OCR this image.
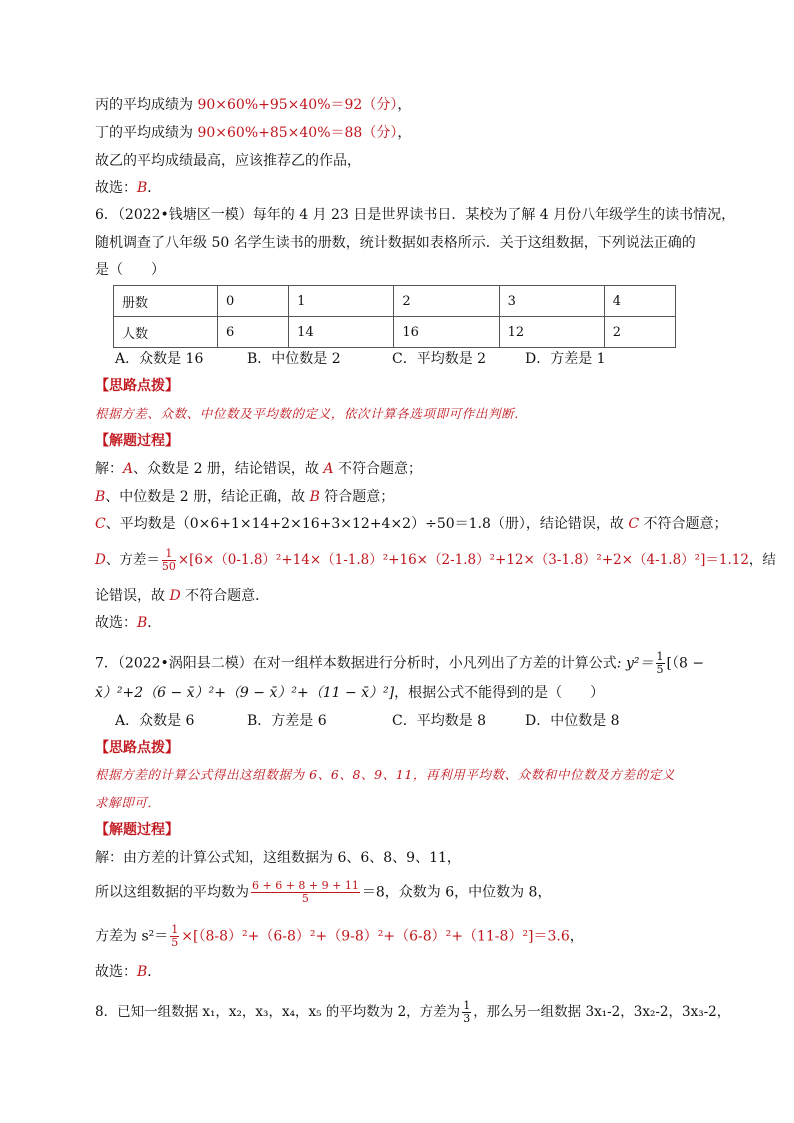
丙的平均成绩为 90×60%+95×40%＝92（分），
丁的平均成绩为 90×60%+85×40%＝88（分），
故乙的平均成绩最高，应该推荐乙的作品，
故选：B．
6．（2022•钱塘区一模）每年的 4 月 23 日是世界读书日．某校为了解 4 月份八年级学生的读书情况，
随机调查了八年级 50 名学生读书的册数，统计数据如表格所示．关于这组数据，下列说法正确的
是（　　）
册数	0	1	2	3	4
人数	6	14	16	12	2
A．众数是 16	B．中位数是 2	C．平均数是 2	D．方差是 1
【思路点拨】
根据方差、众数、中位数及平均数的定义，依次计算各选项即可作出判断．
【解题过程】
解：A、众数是 2 册，结论错误，故 A 不符合题意；
B、中位数是 2 册，结论正确，故 B 符合题意；
C、平均数是（0×6+1×14+2×16+3×12+4×2）÷50＝1.8（册），结论错误，故 C 不符合题意；
D、方差＝ $\frac{1}{50} \times[6\times(0-1.8)^2+14\times(1-1.8)^2+16\times(2-1.8)^2+12\times(3-1.8)^2+2\times(4-1.8)^2]=1.12$，结
论错误，故 D 不符合题意．
故选：B．
7．（2022•涡阳县二模）在对一组样本数据进行分析时，小凡列出了方差的计算公式: $y^2= \frac{1}{5} [(8$ −
x̄）²+2（6 − x̄）²+（9 − x̄）²+（11 − x̄）²]，根据公式不能得到的是（　　）
A．众数是 6	B．方差是 6	C．平均数是 8	D．中位数是 8
【思路点拨】
根据方差的计算公式得出这组数据为 6、6、8、9、11，再利用平均数、众数和中位数及方差的定义
求解即可．
【解题过程】
解：由方差的计算公式知，这组数据为 6、6、8、9、11，
所以这组数据的平均数为 $\frac{6 + 6 + 8 + 9 + 11}{5} =8$，众数为 6，中位数为 8，
方差为 $s^2= \frac{1}{5} \times[(8-8)^2+(6-8)^2+(9-8)^2+(6-8)^2+(11-8)^2]=3.6$，
故选：B．
8．已知一组数据 x₁，x₂，x₃，x₄，x₅ 的平均数为 2，方差为 $\frac{1}{3}$ ，那么另一组数据 3x₁-2，3x₂-2，3x₃-2，
